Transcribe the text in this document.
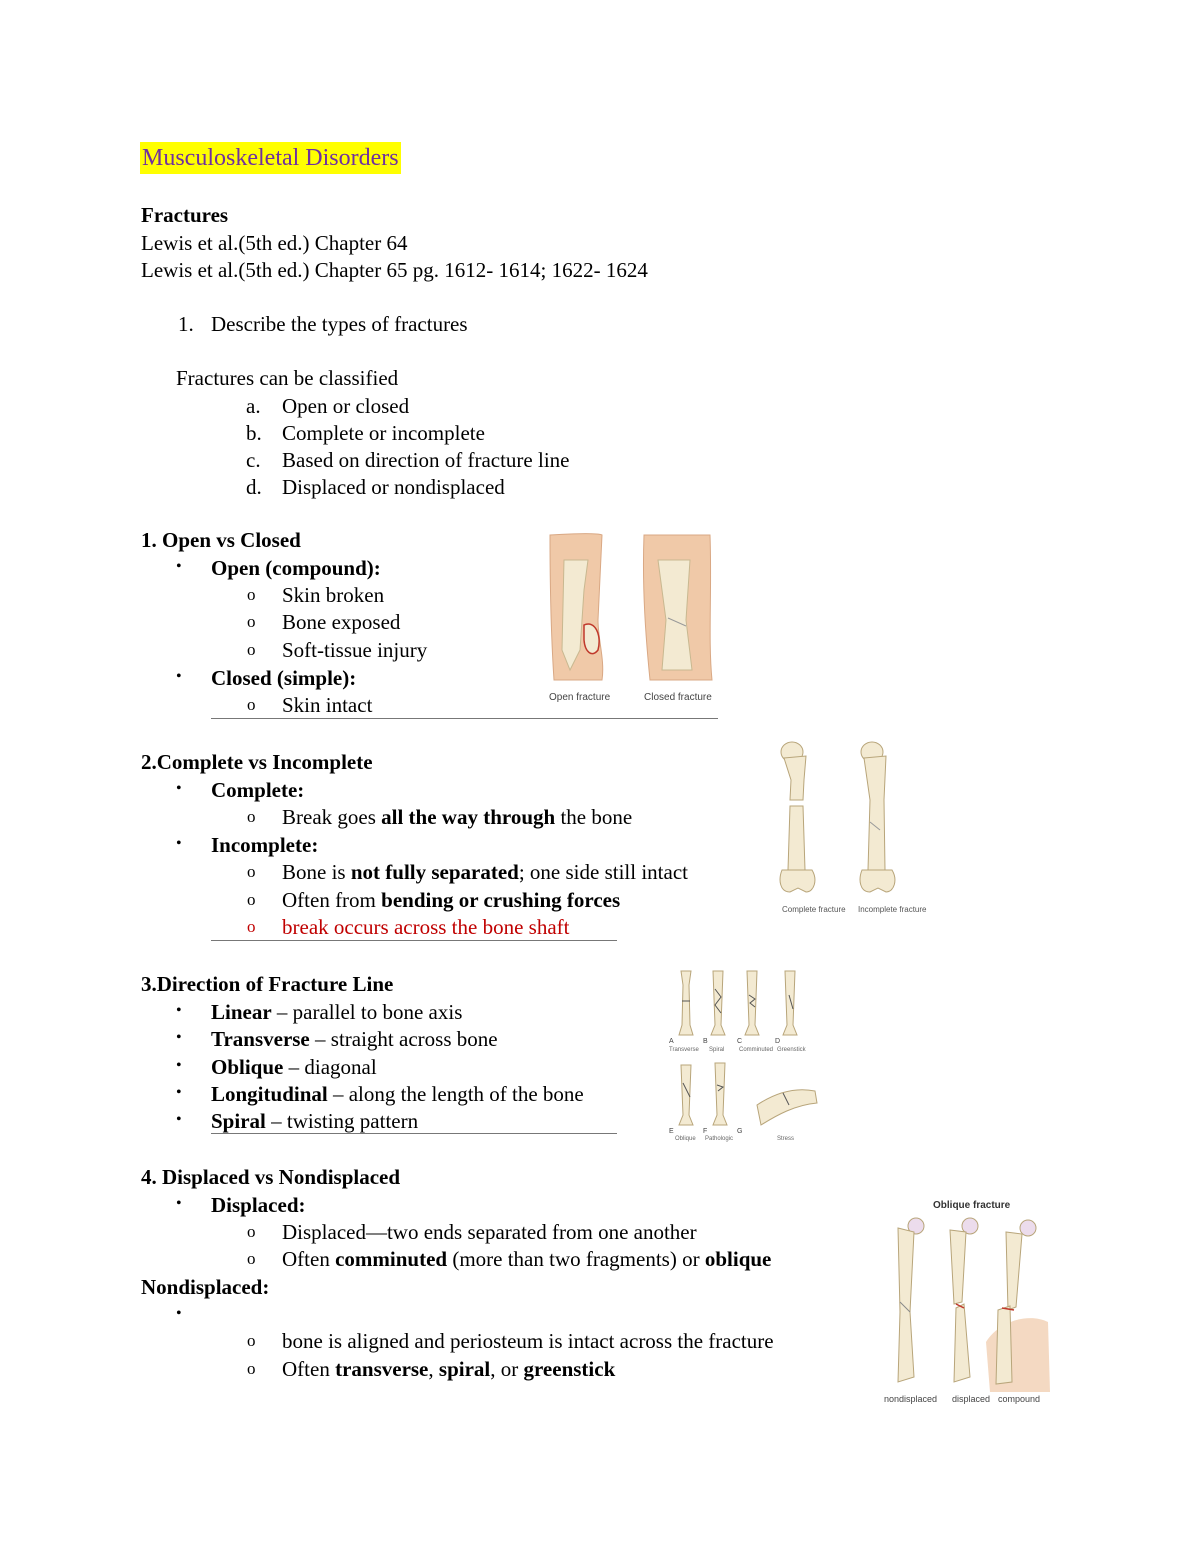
Musculoskeletal Disorders
Fractures
Lewis et al.(5th ed.) Chapter 64
Lewis et al.(5th ed.) Chapter 65 pg. 1612- 1614; 1622- 1624
1. Describe the types of fractures
Fractures can be classified
a. Open or closed
b. Complete or incomplete
c. Based on direction of fracture line
d. Displaced or nondisplaced
1. Open vs Closed
• Open (compound):
o Skin broken
o Bone exposed
o Soft-tissue injury
• Closed (simple):
o Skin intact	Open fracture	Closed fracture
2.Complete vs Incomplete
• Complete:
o Break goes all the way through the bone
• Incomplete:
o Bone is not fully separated; one side still intact
o Often from bending or crushing forces
o break occurs across the bone shaft
Complete fracture Incomplete fracture
3.Direction of Fracture Line
• Linear – parallel to bone axis
• Transverse – straight across bone
• Oblique – diagonal
• Longitudinal – along the length of the bone
• Spiral – twisting pattern
A	B	C	D
E	F	G
Transverse Spiral Comminuted Greenstick
Oblique Pathologic	Stress
4. Displaced vs Nondisplaced
• Displaced:
o Displaced—two ends separated from one another
o Often comminuted (more than two fragments) or oblique
Nondisplaced:
•
o bone is aligned and periosteum is intact across the fracture
o Often transverse, spiral, or greenstick
Oblique fracture
nondisplaced displaced compound
